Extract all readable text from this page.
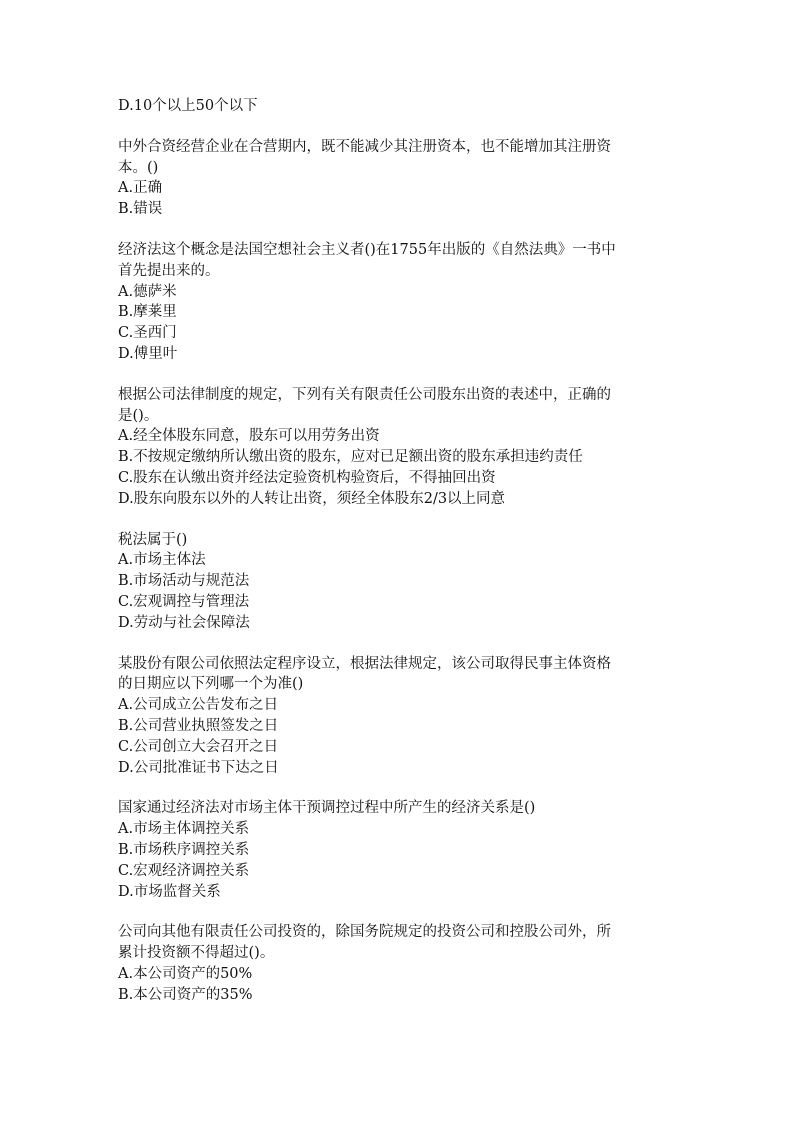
D.10个以上50个以下

中外合资经营企业在合营期内，既不能减少其注册资本，也不能增加其注册资

本。()

A.正确

B.错误

经济法这个概念是法国空想社会主义者()在1755年出版的《自然法典》一书中

首先提出来的。

A.德萨米

B.摩莱里

C.圣西门

D.傅里叶

根据公司法律制度的规定，下列有关有限责任公司股东出资的表述中，正确的

是()。

A.经全体股东同意，股东可以用劳务出资

B.不按规定缴纳所认缴出资的股东，应对已足额出资的股东承担违约责任

C.股东在认缴出资并经法定验资机构验资后，不得抽回出资

D.股东向股东以外的人转让出资，须经全体股东2/3以上同意

税法属于()

A.市场主体法

B.市场活动与规范法

C.宏观调控与管理法

D.劳动与社会保障法

某股份有限公司依照法定程序设立，根据法律规定，该公司取得民事主体资格

的日期应以下列哪一个为准()

A.公司成立公告发布之日

B.公司营业执照签发之日

C.公司创立大会召开之日

D.公司批准证书下达之日

国家通过经济法对市场主体干预调控过程中所产生的经济关系是()

A.市场主体调控关系

B.市场秩序调控关系

C.宏观经济调控关系

D.市场监督关系

公司向其他有限责任公司投资的，除国务院规定的投资公司和控股公司外，所

累计投资额不得超过()。

A.本公司资产的50%

B.本公司资产的35%
